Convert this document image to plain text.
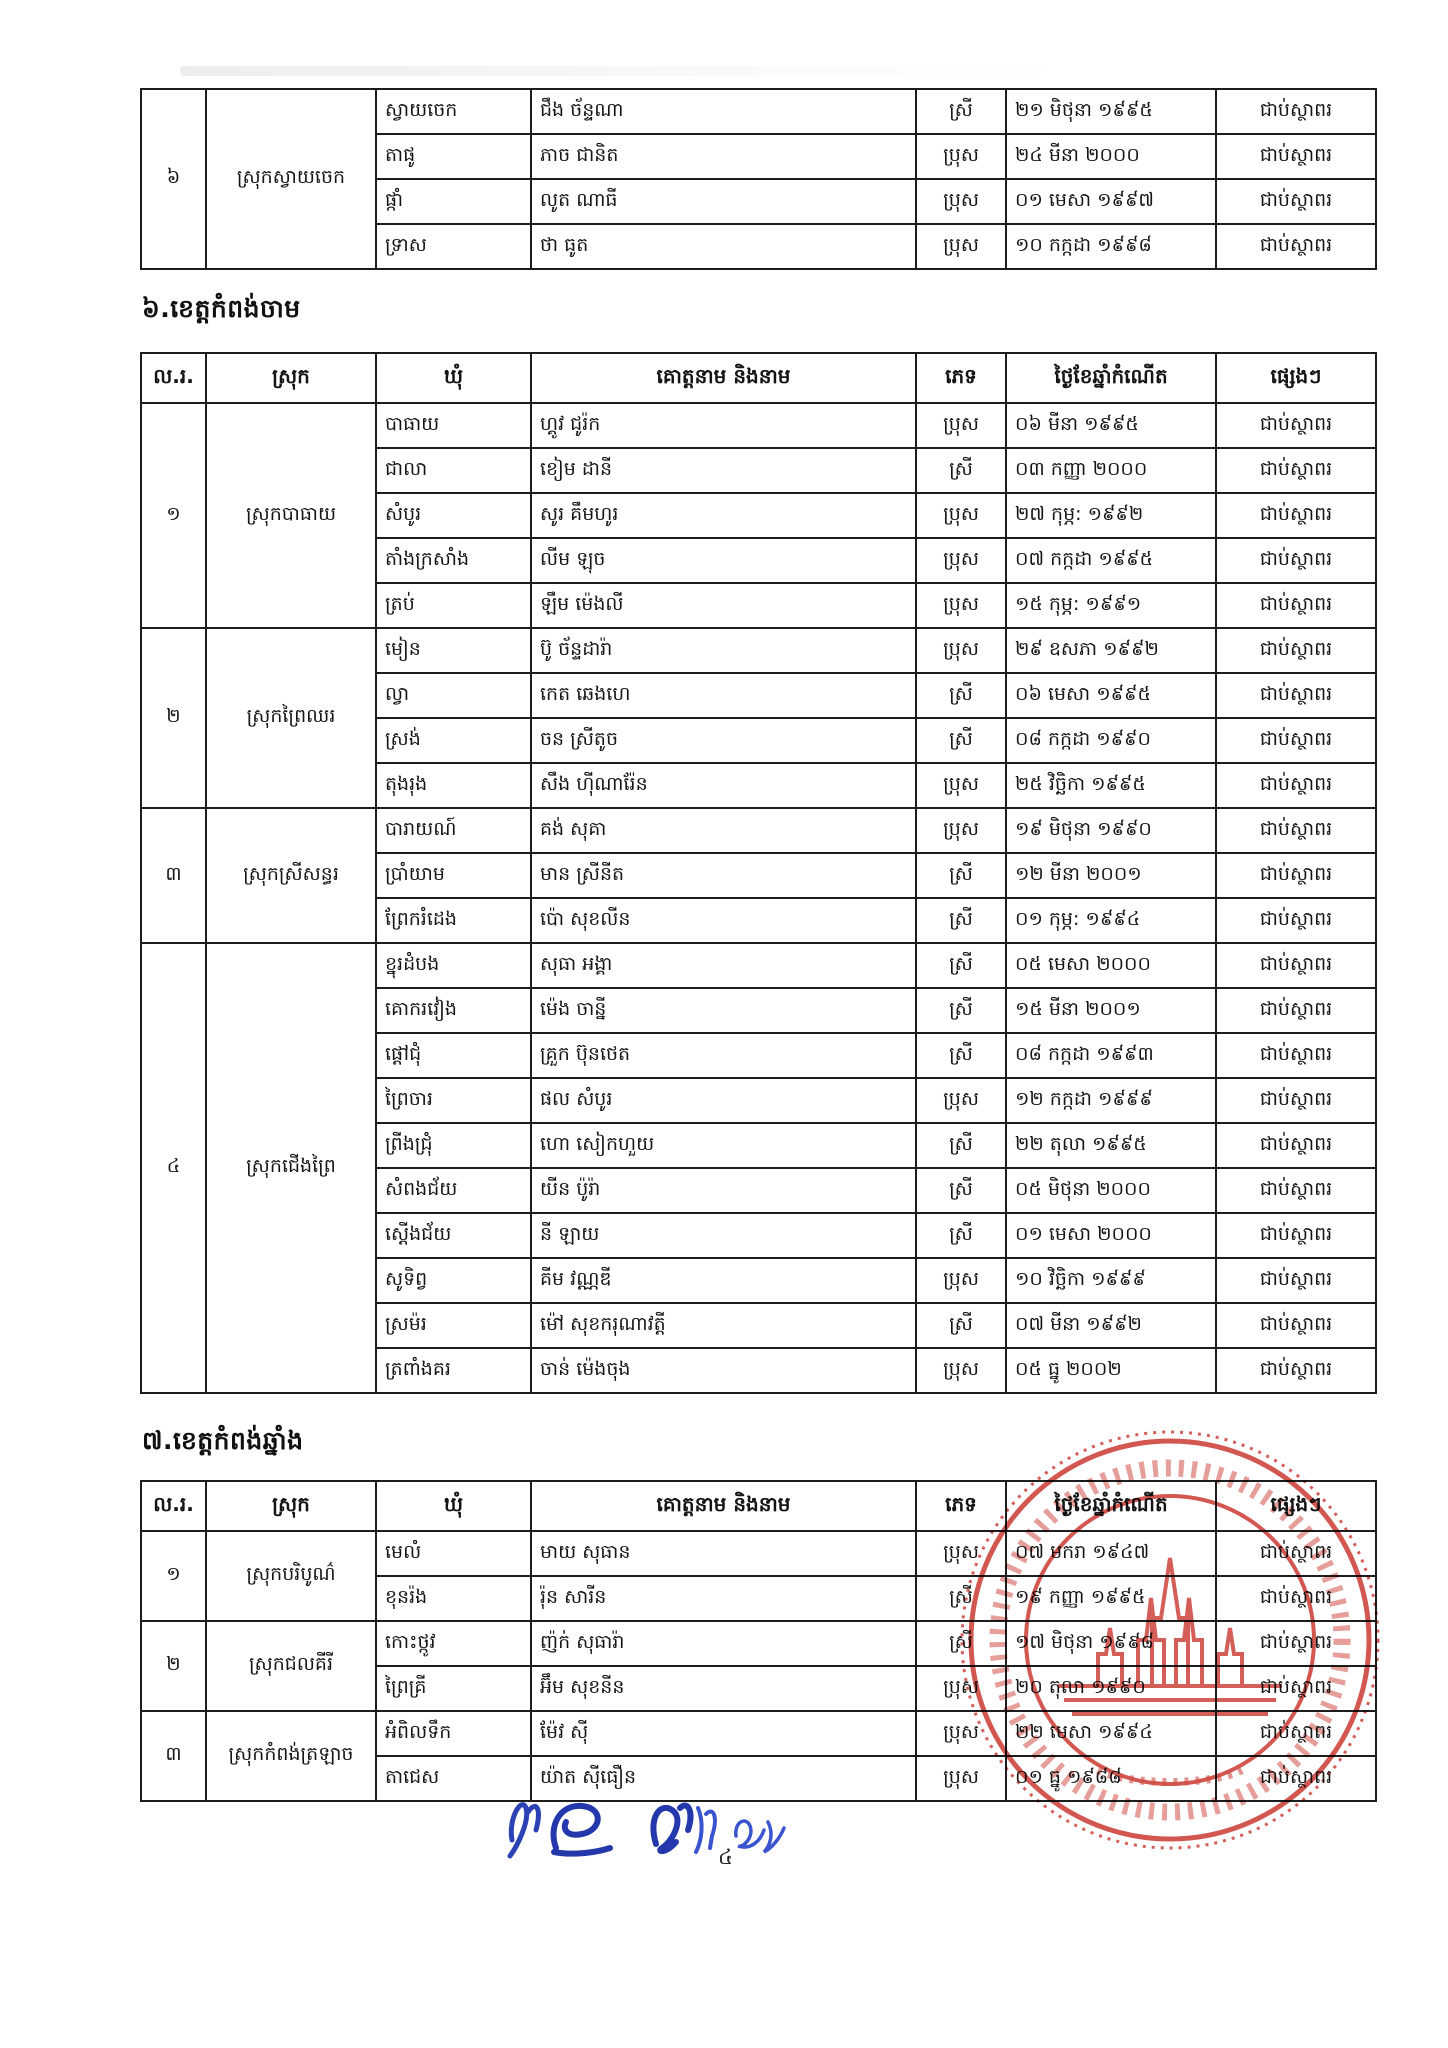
៦	ស្រុកស្វាយចេក	ស្វាយចេក	ជឹង ច័ន្ទណា	ស្រី	២១ មិថុនា ១៩៩៥	ជាប់ស្ថាពរ
		តាផូ	ភាច ជានិត	ប្រុស	២៤ មីនា ២០០០	ជាប់ស្ថាពរ
		ផ្កាំ	លូត ណាធី	ប្រុស	០១ មេសា ១៩៩៧	ជាប់ស្ថាពរ
		ទ្រាស	ថា ធូត	ប្រុស	១០ កក្កដា ១៩៩៨	ជាប់ស្ថាពរ
៦.ខេត្តកំពង់ចាម
ល.រ.	ស្រុក	ឃុំ	គោត្តនាម និងនាម	ភេទ	ថ្ងៃខែឆ្នាំកំណើត	ផ្សេងៗ
១	ស្រុកបាធាយ	បាធាយ	ហ្គូវ ជូរ៉ក	ប្រុស	០៦ មីនា ១៩៩៥	ជាប់ស្ថាពរ
		ជាលា	ខៀម ដានី	ស្រី	០៣ កញ្ញា ២០០០	ជាប់ស្ថាពរ
		សំបូរ	សូរ គឹមហូរ	ប្រុស	២៧ កុម្ភ: ១៩៩២	ជាប់ស្ថាពរ
		តាំងក្រសាំង	លីម ឡុច	ប្រុស	០៧ កក្កដា ១៩៩៥	ជាប់ស្ថាពរ
		ត្រប់	ឡឹម ម៉េងលី	ប្រុស	១៥ កុម្ភ: ១៩៩១	ជាប់ស្ថាពរ
២	ស្រុកព្រៃឈរ	មៀន	ប៊ូ ច័ន្ទដារ៉ា	ប្រុស	២៩ ឧសភា ១៩៩២	ជាប់ស្ថាពរ
		ល្វា	កេត ឆេងហេ	ស្រី	០៦ មេសា ១៩៩៥	ជាប់ស្ថាពរ
		ស្រង់	ចន ស្រីតូច	ស្រី	០៨ កក្កដា ១៩៩០	ជាប់ស្ថាពរ
		តុងរុង	សឹង ហ៊ីណារ៉ែន	ប្រុស	២៥ វិច្ឆិកា ១៩៩៥	ជាប់ស្ថាពរ
៣	ស្រុកស្រីសន្ធរ	បារាយណ៍	គង់ សុគា	ប្រុស	១៩ មិថុនា ១៩៩០	ជាប់ស្ថាពរ
		ប្រាំយាម	មាន ស្រីនីត	ស្រី	១២ មីនា ២០០១	ជាប់ស្ថាពរ
		ព្រែករំដេង	ប៉ោ សុខលីន	ស្រី	០១ កុម្ភ: ១៩៩៤	ជាប់ស្ថាពរ
៤	ស្រុកជើងព្រៃ	ខ្នុរដំបង	សុធា អង្គា	ស្រី	០៥ មេសា ២០០០	ជាប់ស្ថាពរ
		គោករវៀង	ម៉េង ចាន្នី	ស្រី	១៥ មីនា ២០០១	ជាប់ស្ថាពរ
		ផ្ដៅជុំ	គ្រួក ប៊ុនថេត	ស្រី	០៨ កក្កដា ១៩៩៣	ជាប់ស្ថាពរ
		ព្រៃចារ	ផល សំបូរ	ប្រុស	១២ កក្កដា ១៩៩៩	ជាប់ស្ថាពរ
		ព្រីងជ្រុំ	ហោ សៀកហួយ	ស្រី	២២ តុលា ១៩៩៥	ជាប់ស្ថាពរ
		សំពងជ័យ	យីន ប៉ូរ៉ា	ស្រី	០៥ មិថុនា ២០០០	ជាប់ស្ថាពរ
		ស្ដើងជ័យ	នី ឡាយ	ស្រី	០១ មេសា ២០០០	ជាប់ស្ថាពរ
		សូទិព្វ	គីម វណ្ណឌី	ប្រុស	១០ វិច្ឆិកា ១៩៩៩	ជាប់ស្ថាពរ
		ស្រម៉រ	ម៉ៅ សុខករុណាវត្តី	ស្រី	០៧ មីនា ១៩៩២	ជាប់ស្ថាពរ
		ត្រពាំងគរ	ចាន់ ម៉េងចុង	ប្រុស	០៥ ធ្នូ ២០០២	ជាប់ស្ថាពរ
៧.ខេត្តកំពង់ឆ្នាំង
ល.រ.	ស្រុក	ឃុំ	គោត្តនាម និងនាម	ភេទ	ថ្ងៃខែឆ្នាំកំណើត	ផ្សេងៗ
១	ស្រុកបរិបូណ៌	មេលំ	មាយ សុធាន	ប្រុស	០៧ មករា ១៩៤៧	ជាប់ស្ថាពរ
		ខុនរ៉ង	រ៉ុន សារីន	ស្រី	១៩ កញ្ញា ១៩៩៥	ជាប់ស្ថាពរ
២	ស្រុកជលគីរី	កោះថ្កូវ	ញ៉ក់ សុធារ៉ា	ស្រី	១៧ មិថុនា ១៩៩៨	ជាប់ស្ថាពរ
		ព្រៃគ្រី	អ៊ឹម សុខនីន	ប្រុស	២០ តុលា ១៩៩០	ជាប់ស្ថាពរ
៣	ស្រុកកំពង់ត្រឡាច	អំពិលទឹក	ម៉ែវ ស៊ី	ប្រុស	២២ មេសា ១៩៩៤	ជាប់ស្ថាពរ
		តាជេស	យ៉ាត ស៊ីធឿន	ប្រុស	០១ ធ្នូ ១៩៨៨	ជាប់ស្ថាពរ
៤
